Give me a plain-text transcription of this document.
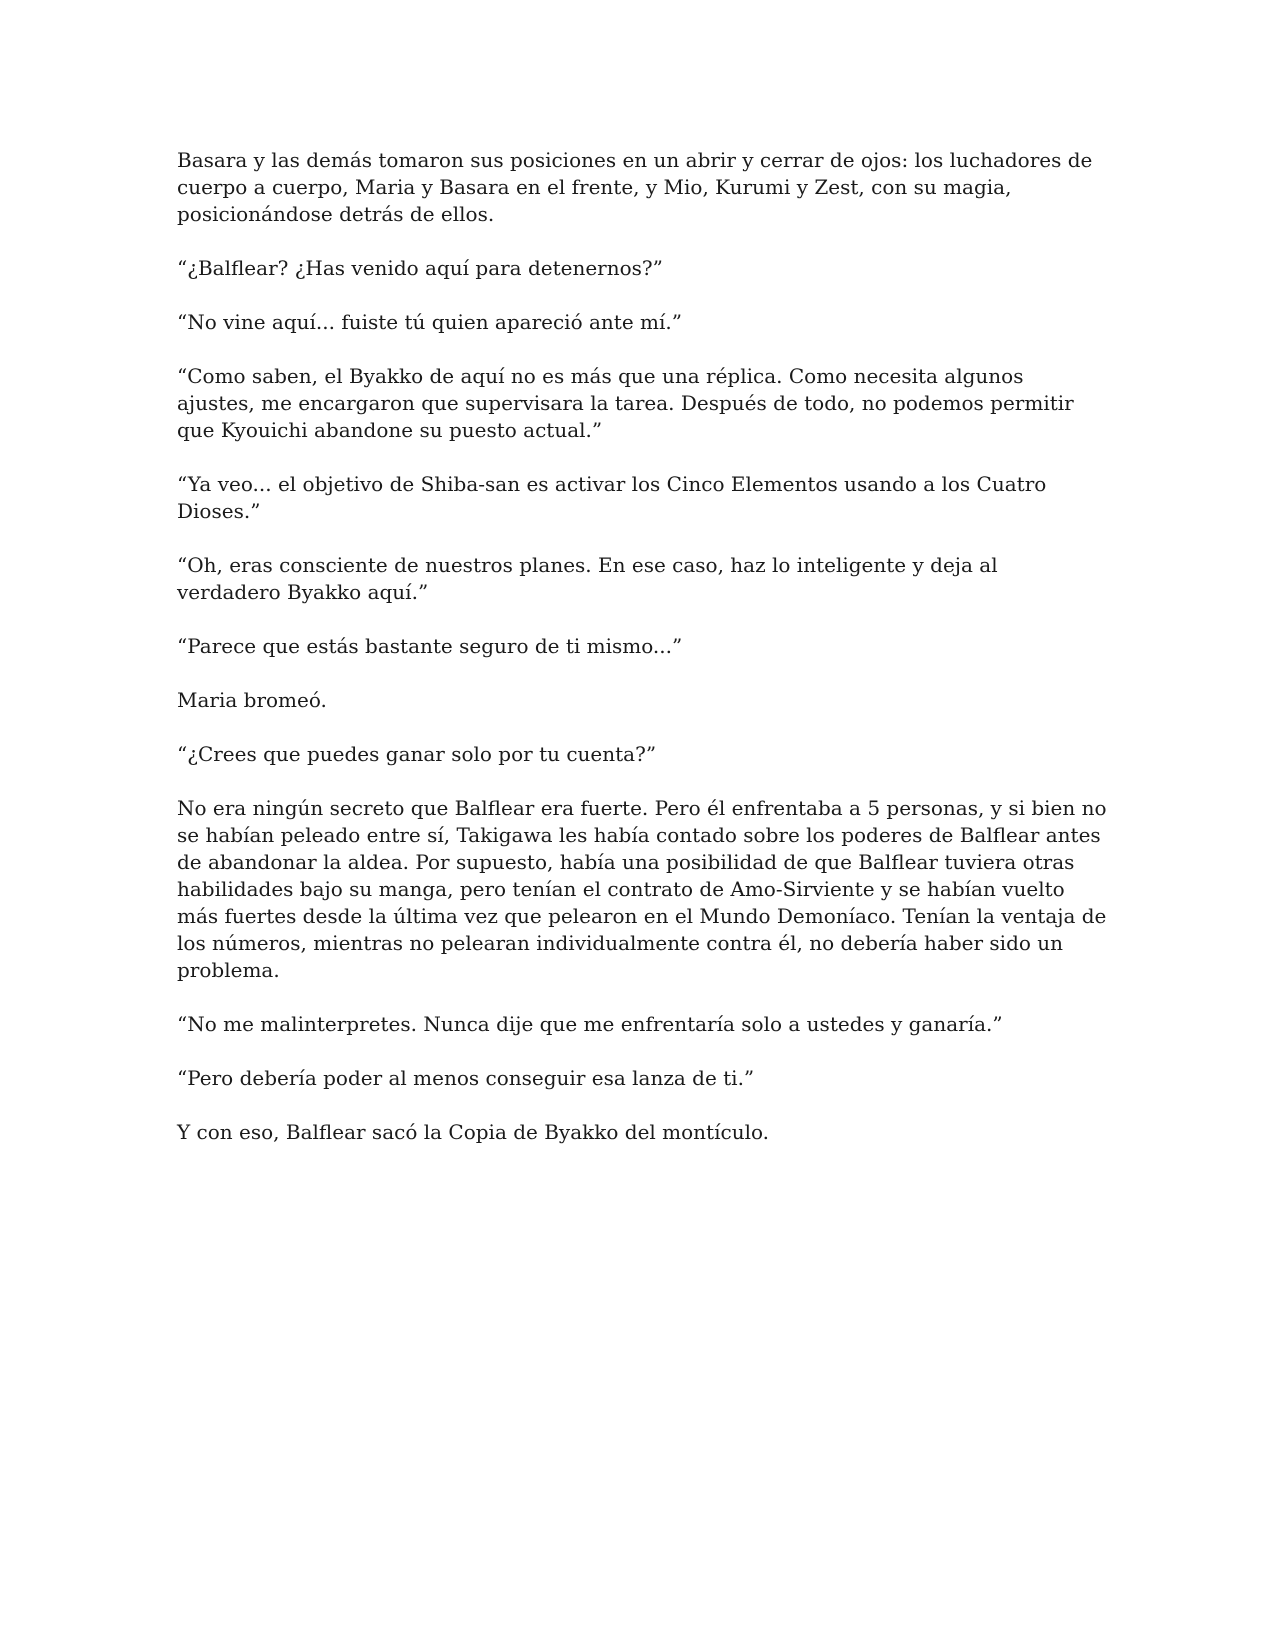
Basara y las demás tomaron sus posiciones en un abrir y cerrar de ojos: los luchadores de cuerpo a cuerpo, Maria y Basara en el frente, y Mio, Kurumi y Zest, con su magia, posicionándose detrás de ellos.

“¿Balflear? ¿Has venido aquí para detenernos?”

“No vine aquí... fuiste tú quien apareció ante mí.”

“Como saben, el Byakko de aquí no es más que una réplica. Como necesita algunos ajustes, me encargaron que supervisara la tarea. Después de todo, no podemos permitir que Kyouichi abandone su puesto actual.”

“Ya veo... el objetivo de Shiba-san es activar los Cinco Elementos usando a los Cuatro Dioses.”

“Oh, eras consciente de nuestros planes. En ese caso, haz lo inteligente y deja al verdadero Byakko aquí.”

“Parece que estás bastante seguro de ti mismo...”

Maria bromeó.

“¿Crees que puedes ganar solo por tu cuenta?”

No era ningún secreto que Balflear era fuerte. Pero él enfrentaba a 5 personas, y si bien no se habían peleado entre sí, Takigawa les había contado sobre los poderes de Balflear antes de abandonar la aldea. Por supuesto, había una posibilidad de que Balflear tuviera otras habilidades bajo su manga, pero tenían el contrato de Amo-Sirviente y se habían vuelto más fuertes desde la última vez que pelearon en el Mundo Demoníaco. Tenían la ventaja de los números, mientras no pelearan individualmente contra él, no debería haber sido un problema.

“No me malinterpretes. Nunca dije que me enfrentaría solo a ustedes y ganaría.”

“Pero debería poder al menos conseguir esa lanza de ti.”

Y con eso, Balflear sacó la Copia de Byakko del montículo.
